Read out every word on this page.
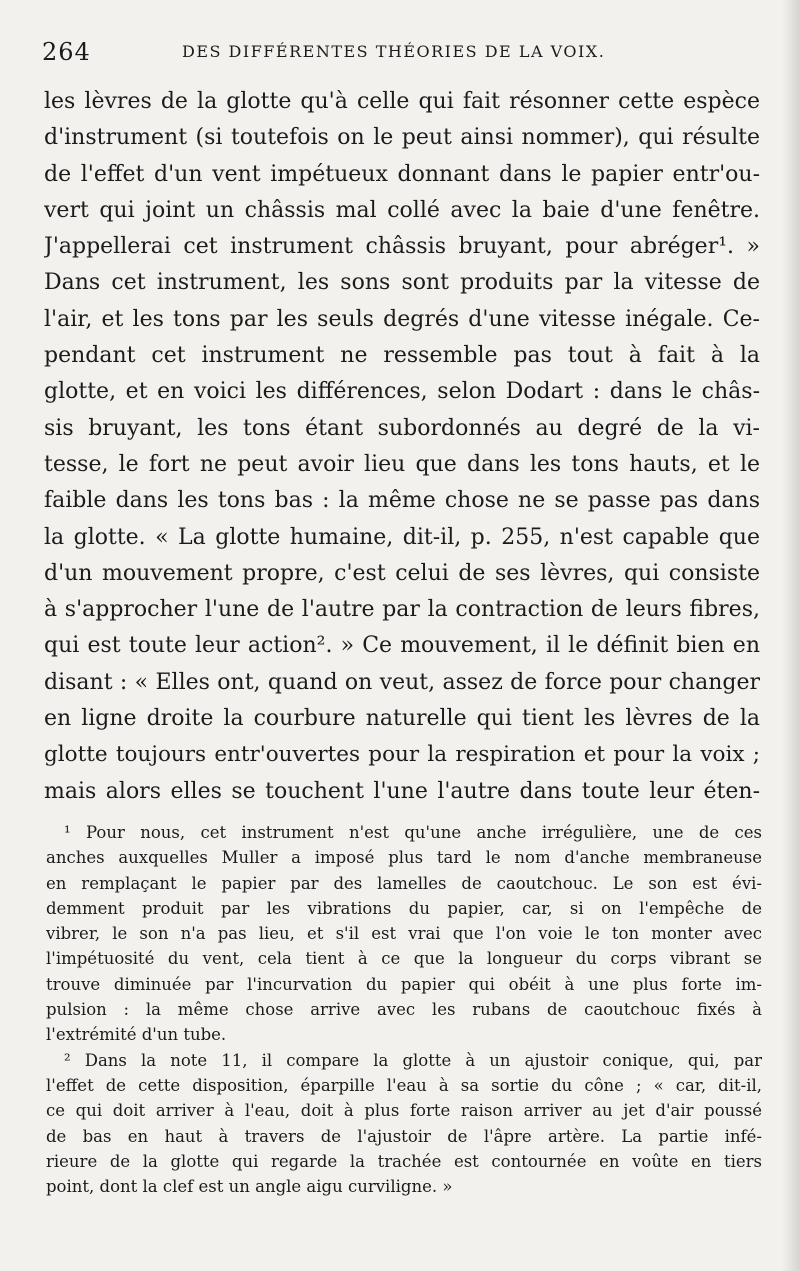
264	DES DIFFÉRENTES THÉORIES DE LA VOIX.
les lèvres de la glotte qu'à celle qui fait résonner cette espèce
d'instrument (si toutefois on le peut ainsi nommer), qui résulte
de l'effet d'un vent impétueux donnant dans le papier entr'ou-
vert qui joint un châssis mal collé avec la baie d'une fenêtre.
J'appellerai cet instrument châssis bruyant, pour abréger¹. »
Dans cet instrument, les sons sont produits par la vitesse de
l'air, et les tons par les seuls degrés d'une vitesse inégale. Ce-
pendant cet instrument ne ressemble pas tout à fait à la
glotte, et en voici les différences, selon Dodart : dans le châs-
sis bruyant, les tons étant subordonnés au degré de la vi-
tesse, le fort ne peut avoir lieu que dans les tons hauts, et le
faible dans les tons bas : la même chose ne se passe pas dans
la glotte. « La glotte humaine, dit-il, p. 255, n'est capable que
d'un mouvement propre, c'est celui de ses lèvres, qui consiste
à s'approcher l'une de l'autre par la contraction de leurs fibres,
qui est toute leur action². » Ce mouvement, il le définit bien en
disant : « Elles ont, quand on veut, assez de force pour changer
en ligne droite la courbure naturelle qui tient les lèvres de la
glotte toujours entr'ouvertes pour la respiration et pour la voix ;
mais alors elles se touchent l'une l'autre dans toute leur éten-
¹ Pour nous, cet instrument n'est qu'une anche irrégulière, une de ces
anches auxquelles Muller a imposé plus tard le nom d'anche membraneuse
en remplaçant le papier par des lamelles de caoutchouc. Le son est évi-
demment produit par les vibrations du papier, car, si on l'empêche de
vibrer, le son n'a pas lieu, et s'il est vrai que l'on voie le ton monter avec
l'impétuosité du vent, cela tient à ce que la longueur du corps vibrant se
trouve diminuée par l'incurvation du papier qui obéit à une plus forte im-
pulsion : la même chose arrive avec les rubans de caoutchouc fixés à
l'extrémité d'un tube.
² Dans la note 11, il compare la glotte à un ajustoir conique, qui, par
l'effet de cette disposition, éparpille l'eau à sa sortie du cône ; « car, dit-il,
ce qui doit arriver à l'eau, doit à plus forte raison arriver au jet d'air poussé
de bas en haut à travers de l'ajustoir de l'âpre artère. La partie infé-
rieure de la glotte qui regarde la trachée est contournée en voûte en tiers
point, dont la clef est un angle aigu curviligne. »
